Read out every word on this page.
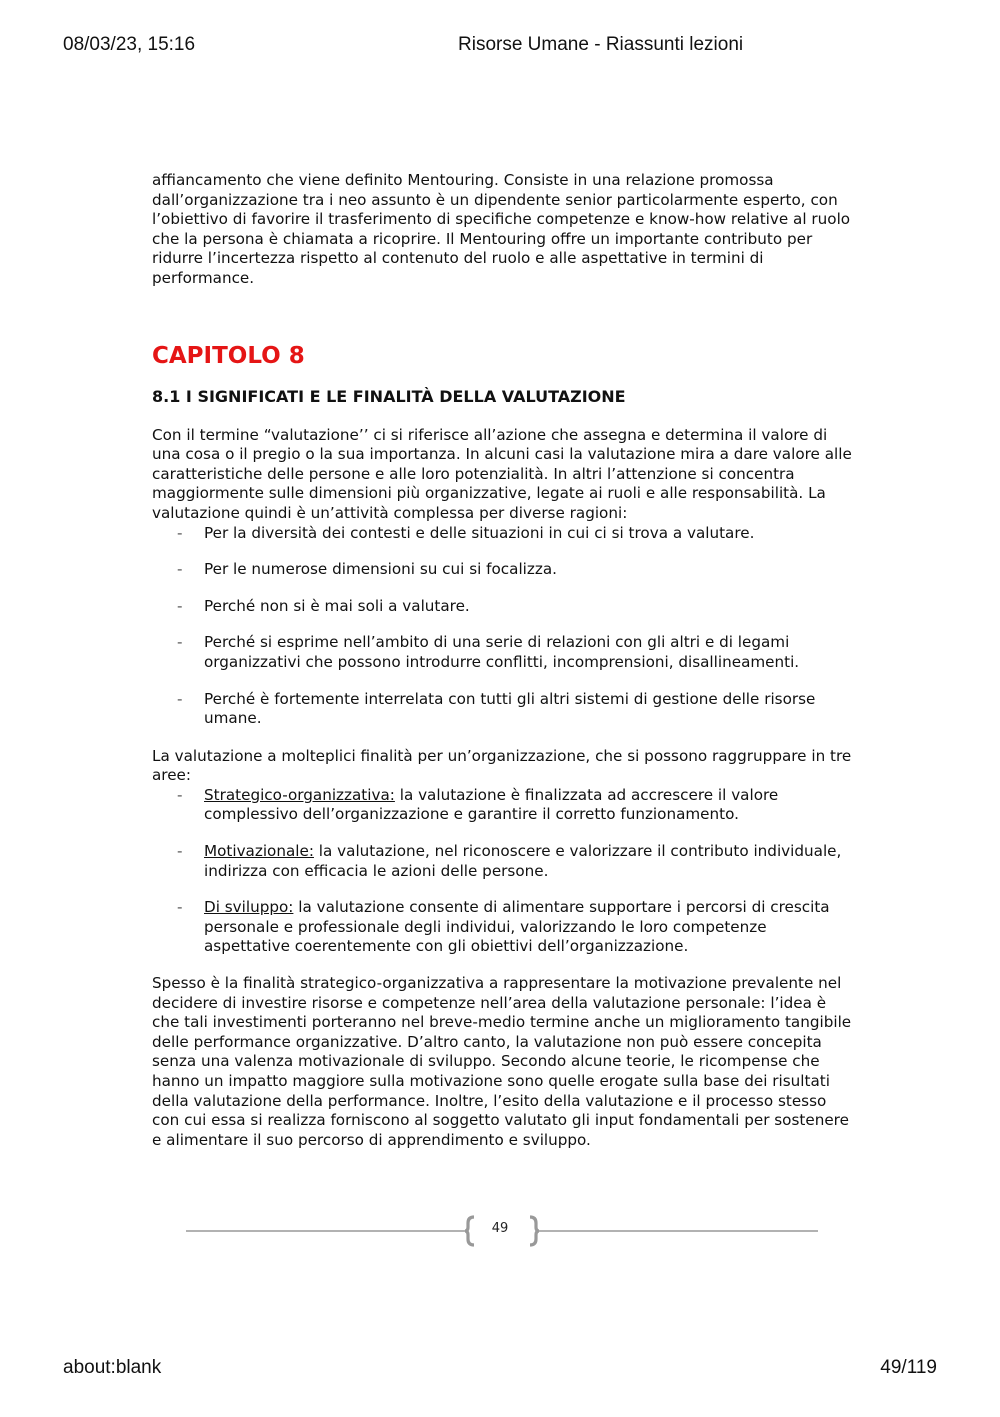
08/03/23, 15:16	Risorse Umane - Riassunti lezioni

affiancamento che viene definito Mentouring. Consiste in una relazione promossa dall’organizzazione tra i neo assunto è un dipendente senior particolarmente esperto, con l’obiettivo di favorire il trasferimento di specifiche competenze e know-how relative al ruolo che la persona è chiamata a ricoprire. Il Mentouring offre un importante contributo per ridurre l’incertezza rispetto al contenuto del ruolo e alle aspettative in termini di performance.

CAPITOLO 8
8.1 I SIGNIFICATI E LE FINALITÀ DELLA VALUTAZIONE

Con il termine “valutazione’’ ci si riferisce all’azione che assegna e determina il valore di una cosa o il pregio o la sua importanza. In alcuni casi la valutazione mira a dare valore alle caratteristiche delle persone e alle loro potenzialità. In altri l’attenzione si concentra maggiormente sulle dimensioni più organizzative, legate ai ruoli e alle responsabilità. La valutazione quindi è un’attività complessa per diverse ragioni:

- Per la diversità dei contesti e delle situazioni in cui ci si trova a valutare.
- Per le numerose dimensioni su cui si focalizza.
- Perché non si è mai soli a valutare.
- Perché si esprime nell’ambito di una serie di relazioni con gli altri e di legami organizzativi che possono introdurre conflitti, incomprensioni, disallineamenti.
- Perché è fortemente interrelata con tutti gli altri sistemi di gestione delle risorse umane.

La valutazione a molteplici finalità per un’organizzazione, che si possono raggruppare in tre aree:

- Strategico-organizzativa: la valutazione è finalizzata ad accrescere il valore complessivo dell’organizzazione e garantire il corretto funzionamento.
- Motivazionale: la valutazione, nel riconoscere e valorizzare il contributo individuale, indirizza con efficacia le azioni delle persone.
- Di sviluppo: la valutazione consente di alimentare supportare i percorsi di crescita personale e professionale degli individui, valorizzando le loro competenze aspettative coerentemente con gli obiettivi dell’organizzazione.

Spesso è la finalità strategico-organizzativa a rappresentare la motivazione prevalente nel decidere di investire risorse e competenze nell’area della valutazione personale: l’idea è che tali investimenti porteranno nel breve-medio termine anche un miglioramento tangibile delle performance organizzative. D’altro canto, la valutazione non può essere concepita senza una valenza motivazionale di sviluppo. Secondo alcune teorie, le ricompense che hanno un impatto maggiore sulla motivazione sono quelle erogate sulla base dei risultati della valutazione della performance. Inoltre, l’esito della valutazione e il processo stesso con cui essa si realizza forniscono al soggetto valutato gli input fondamentali per sostenere e alimentare il suo percorso di apprendimento e sviluppo.

49
about:blank	49/119
